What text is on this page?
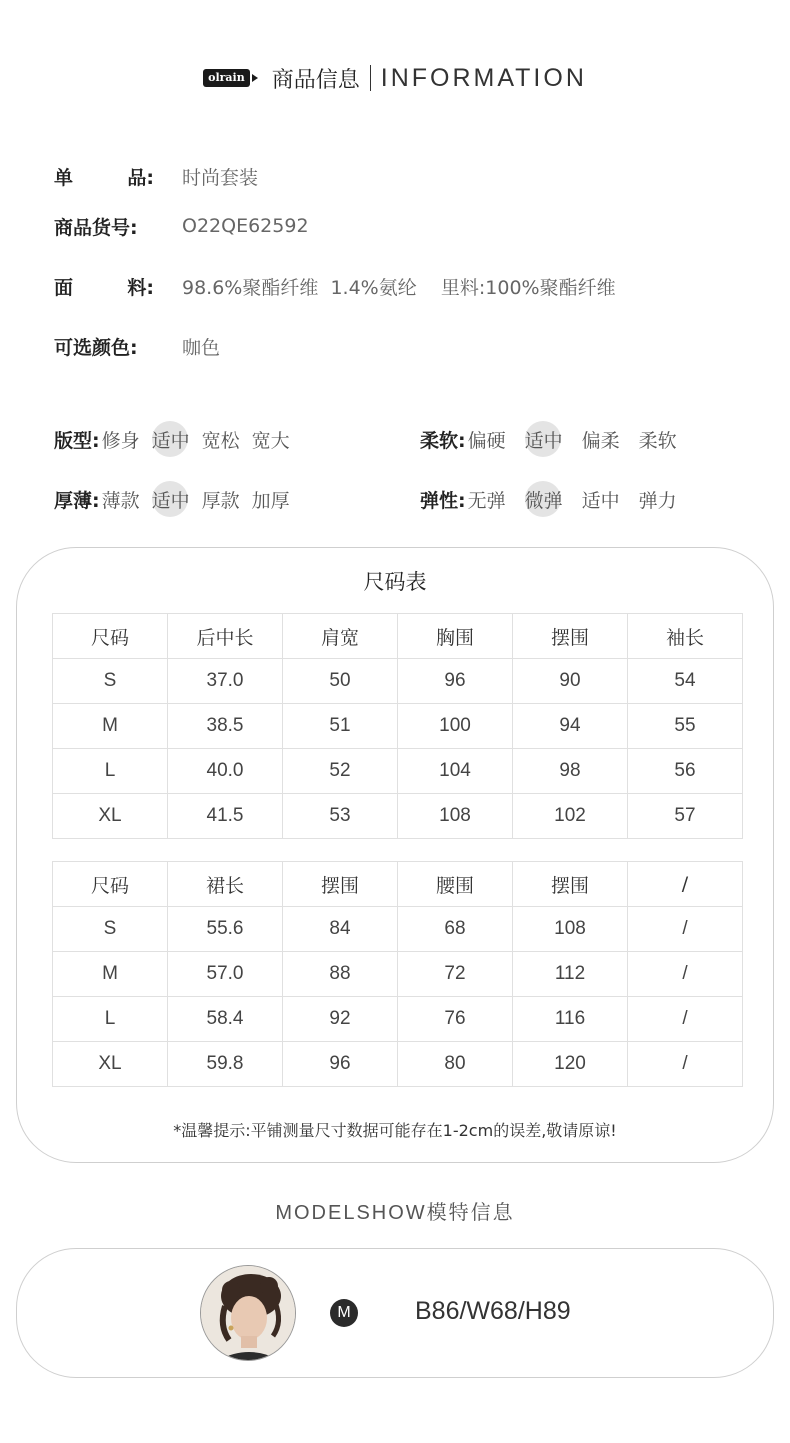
olrain 商品信息 INFORMATION
单	品: 时尚套装
商品货号: O22QE62592
面	料: 98.6%聚酯纤维  1.4%氨纶    里料:100%聚酯纤维
可选颜色: 咖色
版型: 修身 适中 宽松 宽大	柔软: 偏硬 适中 偏柔 柔软
厚薄: 薄款 适中 厚款 加厚	弹性: 无弹 微弹 适中 弹力
尺码表
尺码	后中长	肩宽	胸围	摆围	袖长
S	37.0	50	96	90	54
M	38.5	51	100	94	55
L	40.0	52	104	98	56
XL	41.5	53	108	102	57
尺码	裙长	摆围	腰围	摆围	/
S	55.6	84	68	108	/
M	57.0	88	72	112	/
L	58.4	92	76	116	/
XL	59.8	96	80	120	/
*温馨提示:平铺测量尺寸数据可能存在1-2cm的误差,敬请原谅!
MODELSHOW模特信息
M	B86/W68/H89
